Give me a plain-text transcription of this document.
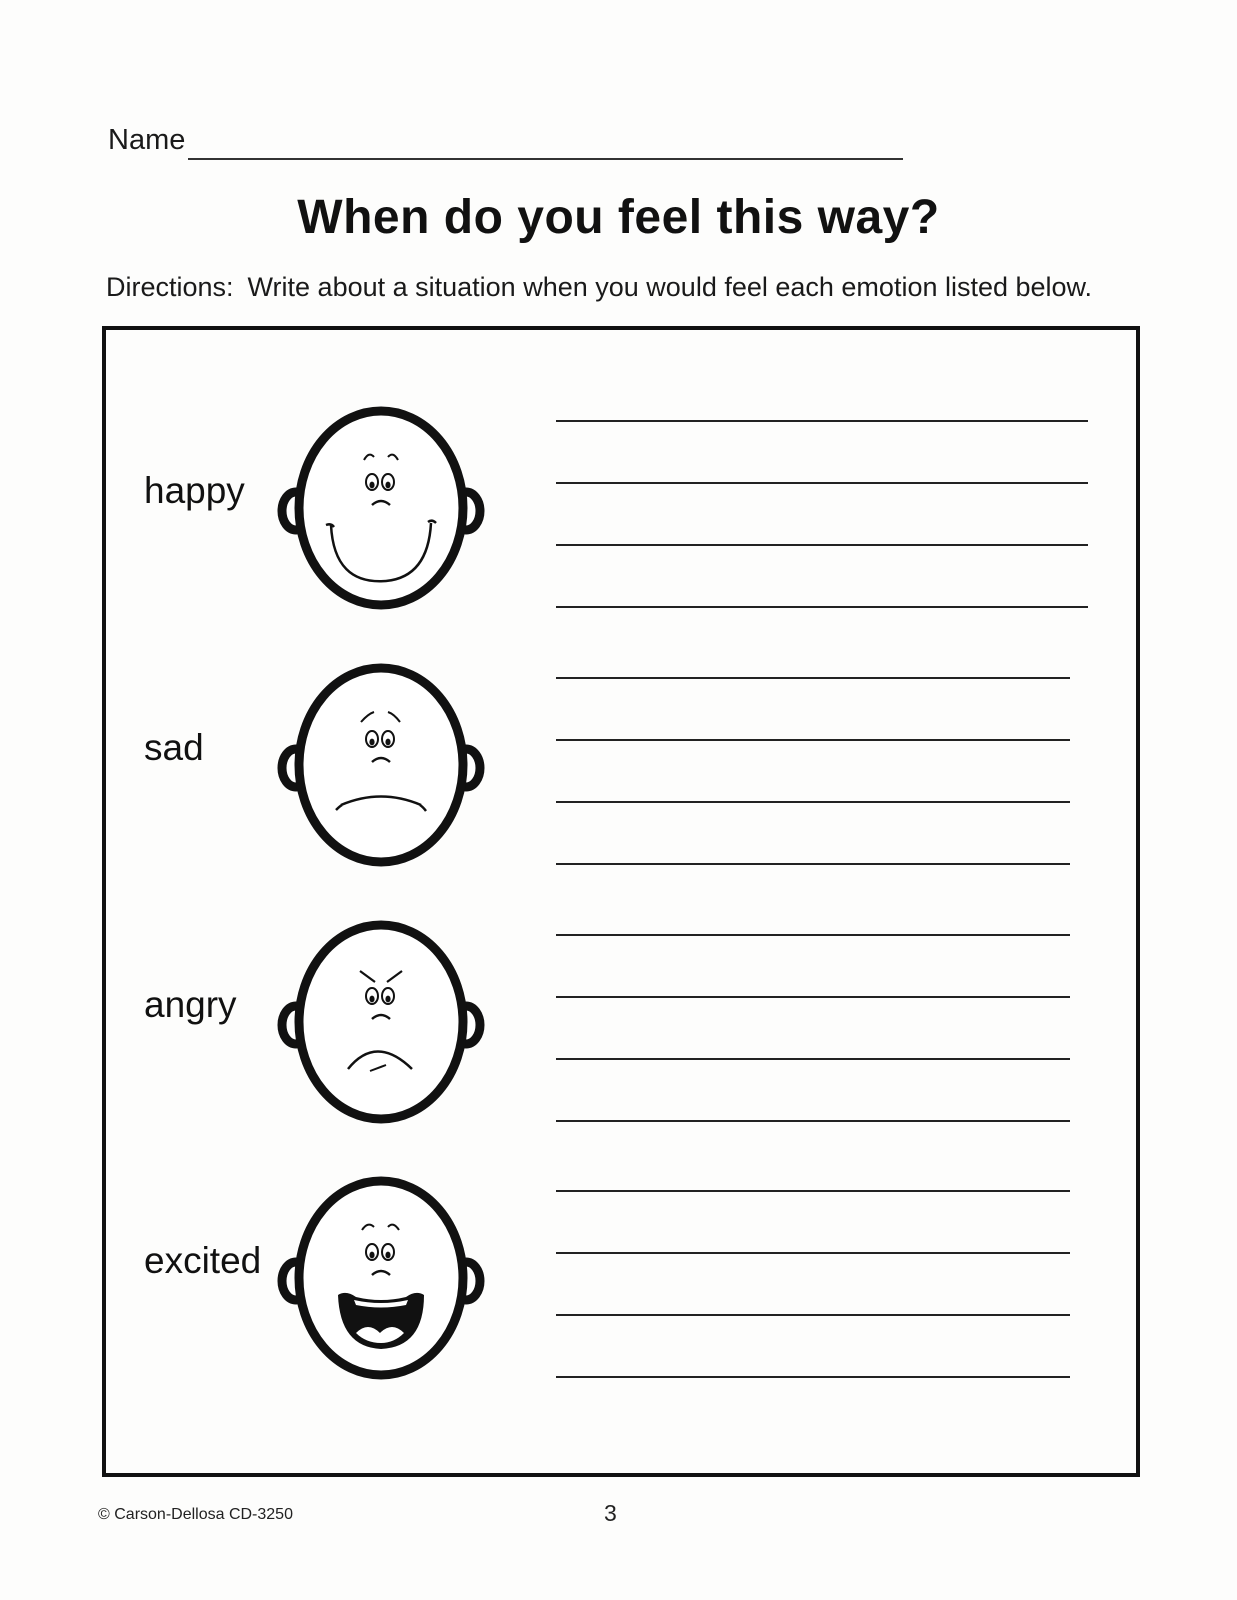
Name
When do you feel this way?

Directions: Write about a situation when you would feel each emotion listed below.

happy
sad
angry
excited
© Carson-Dellosa CD-3250	3
